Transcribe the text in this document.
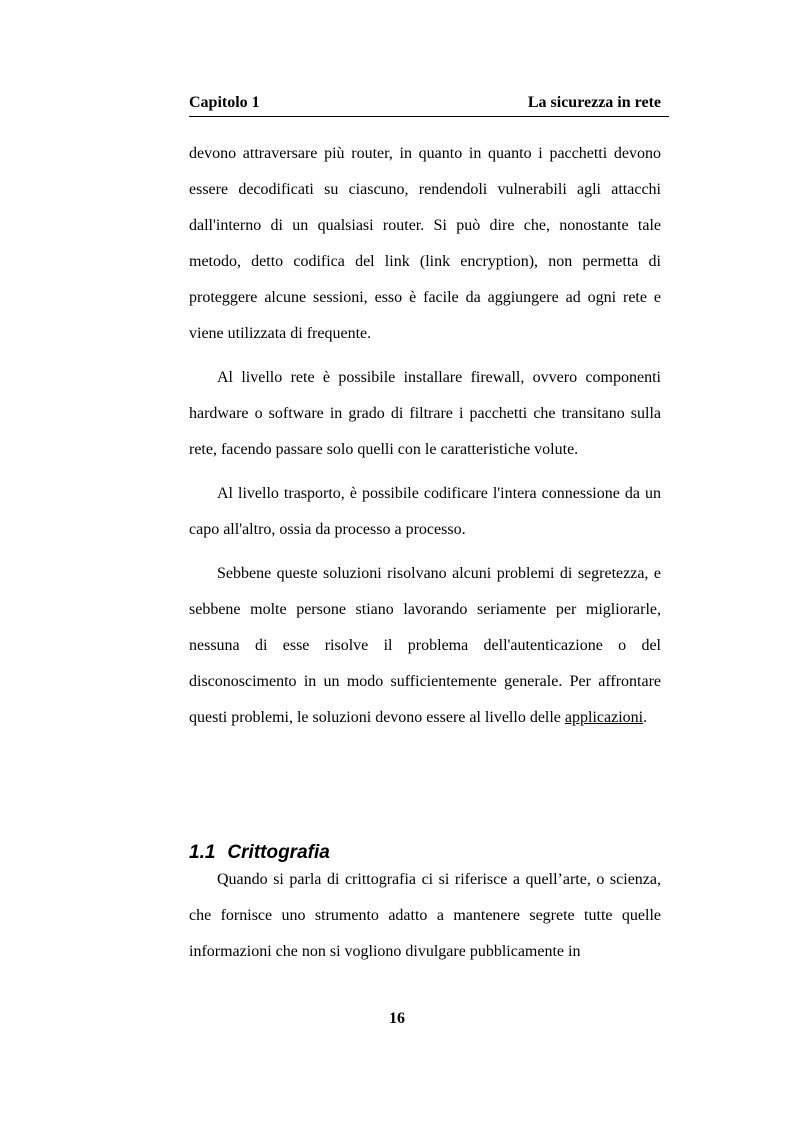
Capitolo 1	La sicurezza in rete

devono attraversare più router, in quanto in quanto i pacchetti devono essere decodificati su ciascuno, rendendoli vulnerabili agli attacchi dall'interno di un qualsiasi router. Si può dire che, nonostante tale metodo, detto codifica del link (link encryption), non permetta di proteggere alcune sessioni, esso è facile da aggiungere ad ogni rete e viene utilizzata di frequente.

Al livello rete è possibile installare firewall, ovvero componenti hardware o software in grado di filtrare i pacchetti che transitano sulla rete, facendo passare solo quelli con le caratteristiche volute.

Al livello trasporto, è possibile codificare l'intera connessione da un capo all'altro, ossia da processo a processo.

Sebbene queste soluzioni risolvano alcuni problemi di segretezza, e sebbene molte persone stiano lavorando seriamente per migliorarle, nessuna di esse risolve il problema dell'autenticazione o del disconoscimento in un modo sufficientemente generale. Per affrontare questi problemi, le soluzioni devono essere al livello delle applicazioni.

1.1 Crittografia

Quando si parla di crittografia ci si riferisce a quell’arte, o scienza, che fornisce uno strumento adatto a mantenere segrete tutte quelle informazioni che non si vogliono divulgare pubblicamente in

16
